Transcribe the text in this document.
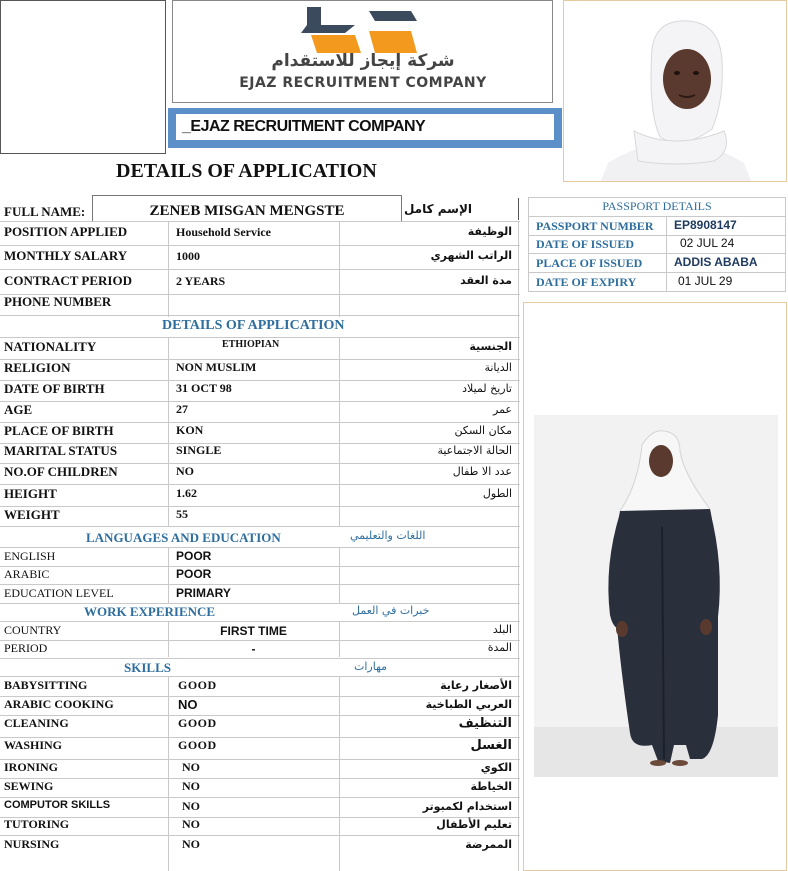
شركة إيجاز للاستقدام
EJAZ RECRUITMENT COMPANY
_EJAZ RECRUITMENT COMPANY
DETAILS OF APPLICATION
FULL NAME:	ZENEB MISGAN MENGSTE	الإسم كامل	PASSPORT DETAILS
DETAILS OF APPLICATION
LANGUAGES AND EDUCATION	اللغات والتعليمي
WORK EXPERIENCE	خبرات في العمل
SKILLS	مهارات
POSITION APPLIED	Household Service	الوظيفة
MONTHLY SALARY	1000	الراتب الشهري
CONTRACT PERIOD	2 YEARS	مدة العقد
PHONE NUMBER
NATIONALITY	ETHIOPIAN	الجنسية
RELIGION	NON MUSLIM	الديانة
DATE OF BIRTH	31 OCT 98	تاريخ لميلاد
AGE	27	عمر
PLACE OF BIRTH	KON	مكان السكن
MARITAL STATUS	SINGLE	الحالة الاجتماعية
NO.OF CHILDREN	NO	عدد الا طفال
HEIGHT	1.62	الطول
WEIGHT	55
ENGLISH	POOR
ARABIC	POOR
EDUCATION LEVEL	PRIMARY
COUNTRY	FIRST TIME	البلد
PERIOD	-	المدة
BABYSITTING	GOOD	الأصغار رعاية
ARABIC COOKING	NO	العربي الطباخية
CLEANING	GOOD	التنظيف
WASHING	GOOD	الغسل
IRONING	NO	الكوي
SEWING	NO	الخياطة
COMPUTOR SKILLS	NO	استخدام لكمبوتر
TUTORING	NO	تعليم الأطفال
NURSING	NO	الممرضة
PASSPORT NUMBER EP8908147
DATE OF ISSUED	02 JUL 24
PLACE OF ISSUED	ADDIS ABABA
DATE OF EXPIRY	01 JUL 29
